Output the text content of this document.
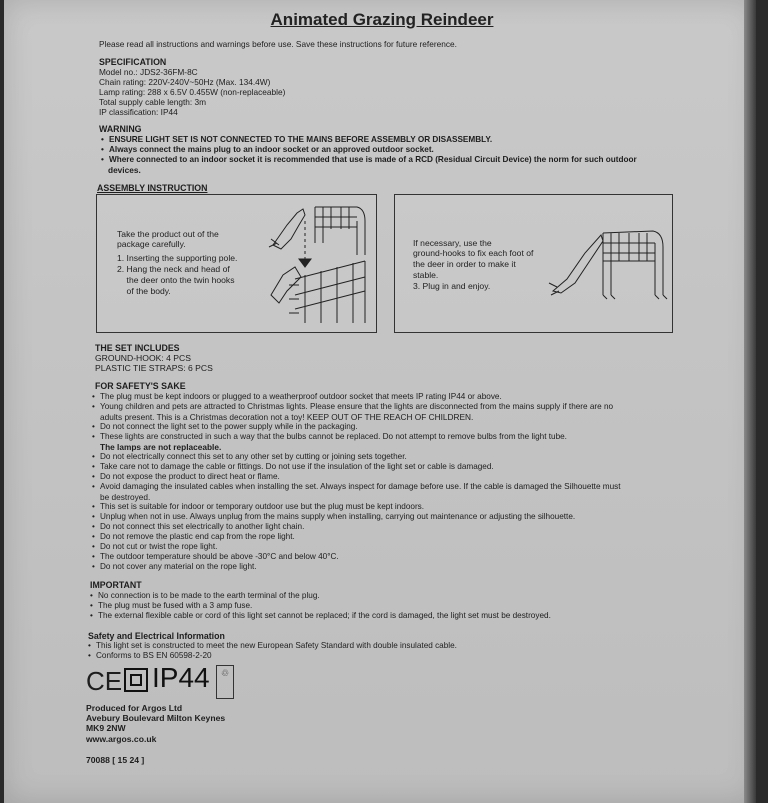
Animated Grazing Reindeer
Please read all instructions and warnings before use. Save these instructions for future reference.
SPECIFICATION
Model no.: JDS2-36FM-8C
Chain rating: 220V-240V~50Hz (Max. 134.4W)
Lamp rating: 288 x 6.5V 0.455W (non-replaceable)
Total supply cable length: 3m
IP classification: IP44
WARNING
• ENSURE LIGHT SET IS NOT CONNECTED TO THE MAINS BEFORE ASSEMBLY OR DISASSEMBLY.
• Always connect the mains plug to an indoor socket or an approved outdoor socket.
• Where connected to an indoor socket it is recommended that use is made of a RCD (Residual Circuit Device) the norm for such outdoor
devices.
ASSEMBLY INSTRUCTION
Take the product out of the
package carefully.
1. Inserting the supporting pole.
2. Hang the neck and head of
the deer onto the twin hooks
of the body.
If necessary, use the
ground-hooks to fix each foot of
the deer in order to make it
stable.
3. Plug in and enjoy.
THE SET INCLUDES
GROUND-HOOK: 4 PCS
PLASTIC TIE STRAPS: 6 PCS
FOR SAFETY'S SAKE
• The plug must be kept indoors or plugged to a weatherproof outdoor socket that meets IP rating IP44 or above.
• Young children and pets are attracted to Christmas lights. Please ensure that the lights are disconnected from the mains supply if there are no
adults present. This is a Christmas decoration not a toy! KEEP OUT OF THE REACH OF CHILDREN.
• Do not connect the light set to the power supply while in the packaging.
• These lights are constructed in such a way that the bulbs cannot be replaced. Do not attempt to remove bulbs from the light tube.
The lamps are not replaceable.
• Do not electrically connect this set to any other set by cutting or joining sets together.
• Take care not to damage the cable or fittings. Do not use if the insulation of the light set or cable is damaged.
• Do not expose the product to direct heat or flame.
• Avoid damaging the insulated cables when installing the set. Always inspect for damage before use. If the cable is damaged the Silhouette must
be destroyed.
• This set is suitable for indoor or temporary outdoor use but the plug must be kept indoors.
• Unplug when not in use. Always unplug from the mains supply when installing, carrying out maintenance or adjusting the silhouette.
• Do not connect this set electrically to another light chain.
• Do not remove the plastic end cap from the rope light.
• Do not cut or twist the rope light.
• The outdoor temperature should be above -30°C and below 40°C.
• Do not cover any material on the rope light.
IMPORTANT
• No connection is to be made to the earth terminal of the plug.
• The plug must be fused with a 3 amp fuse.
• The external flexible cable or cord of this light set cannot be replaced; if the cord is damaged, the light set must be destroyed.
Safety and Electrical Information
• This light set is constructed to meet the new European Safety Standard with double insulated cable.
• Conforms to BS EN 60598-2-20
CE IP44	♲

Produced for Argos Ltd
Avebury Boulevard Milton Keynes
MK9 2NW
www.argos.co.uk
70088 [ 15 24 ]
